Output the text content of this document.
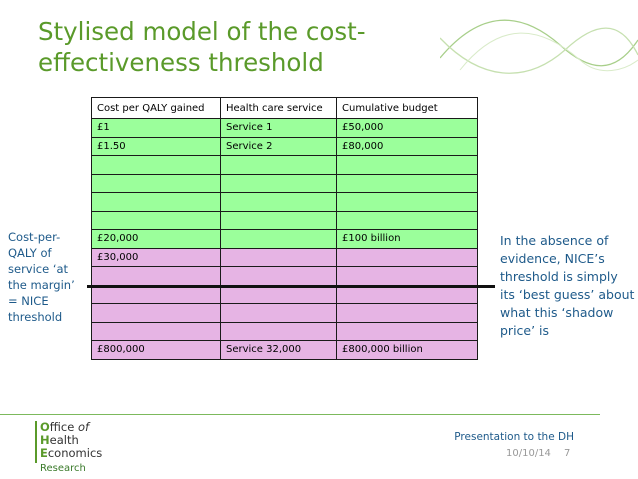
Stylised model of the cost-effectiveness threshold
Cost per QALY gained	Health care service	Cumulative budget
£1	Service 1	£50,000
£1.50	Service 2	£80,000

£20,000		£100 billion
£30,000		

£800,000	Service 32,000	£800,000 billion
Cost-per-QALY of service ‘at the margin’ = NICE threshold
In the absence of evidence, NICE’s threshold is simply its ‘best guess’ about what this ‘shadow price’ is
Office of
Health
Economics
Research
Presentation to the DH
10/10/14 7
